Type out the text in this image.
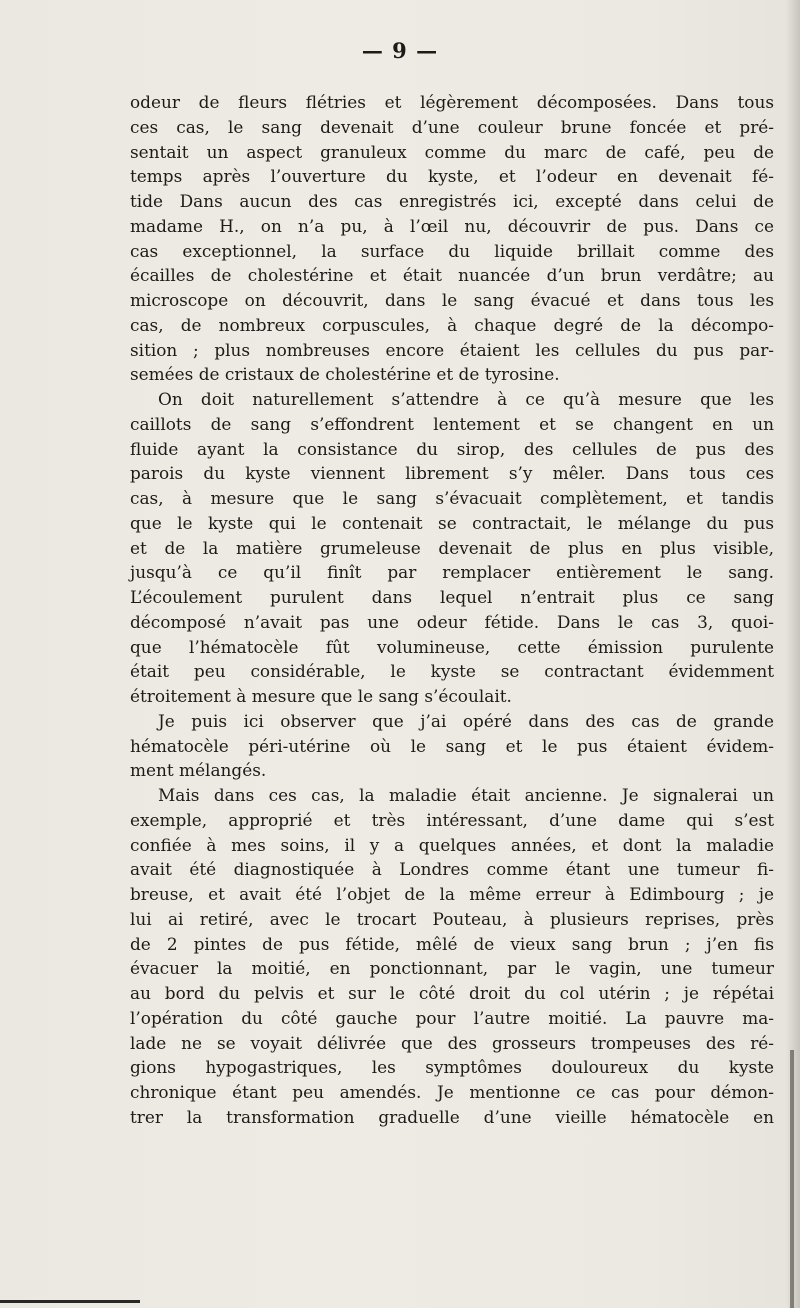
— 9 —
odeur de fleurs flétries et légèrement décomposées. Dans tous
ces cas, le sang devenait d’une couleur brune foncée et pré-
sentait un aspect granuleux comme du marc de café, peu de
temps après l’ouverture du kyste, et l’odeur en devenait fé-
tide Dans aucun des cas enregistrés ici, excepté dans celui de
madame H., on n’a pu, à l’œil nu, découvrir de pus. Dans ce
cas exceptionnel, la surface du liquide brillait comme des
écailles de cholestérine et était nuancée d’un brun verdâtre; au
microscope on découvrit, dans le sang évacué et dans tous les
cas, de nombreux corpuscules, à chaque degré de la décompo-
sition ; plus nombreuses encore étaient les cellules du pus par-
semées de cristaux de cholestérine et de tyrosine.
On doit naturellement s’attendre à ce qu’à mesure que les
caillots de sang s’effondrent lentement et se changent en un
fluide ayant la consistance du sirop, des cellules de pus des
parois du kyste viennent librement s’y mêler. Dans tous ces
cas, à mesure que le sang s’évacuait complètement, et tandis
que le kyste qui le contenait se contractait, le mélange du pus
et de la matière grumeleuse devenait de plus en plus visible,
jusqu’à ce qu’il finît par remplacer entièrement le sang.
L’écoulement purulent dans lequel n’entrait plus ce sang
décomposé n’avait pas une odeur fétide. Dans le cas 3, quoi-
que l’hématocèle fût volumineuse, cette émission purulente
était peu considérable, le kyste se contractant évidemment
étroitement à mesure que le sang s’écoulait.
Je puis ici observer que j’ai opéré dans des cas de grande
hématocèle péri-utérine où le sang et le pus étaient évidem-
ment mélangés.
Mais dans ces cas, la maladie était ancienne. Je signalerai un
exemple, approprié et très intéressant, d’une dame qui s’est
confiée à mes soins, il y a quelques années, et dont la maladie
avait été diagnostiquée à Londres comme étant une tumeur fi-
breuse, et avait été l’objet de la même erreur à Edimbourg ; je
lui ai retiré, avec le trocart Pouteau, à plusieurs reprises, près
de 2 pintes de pus fétide, mêlé de vieux sang brun ; j’en fis
évacuer la moitié, en ponctionnant, par le vagin, une tumeur
au bord du pelvis et sur le côté droit du col utérin ; je répétai
l’opération du côté gauche pour l’autre moitié. La pauvre ma-
lade ne se voyait délivrée que des grosseurs trompeuses des ré-
gions hypogastriques, les symptômes douloureux du kyste
chronique étant peu amendés. Je mentionne ce cas pour démon-
trer la transformation graduelle d’une vieille hématocèle en
